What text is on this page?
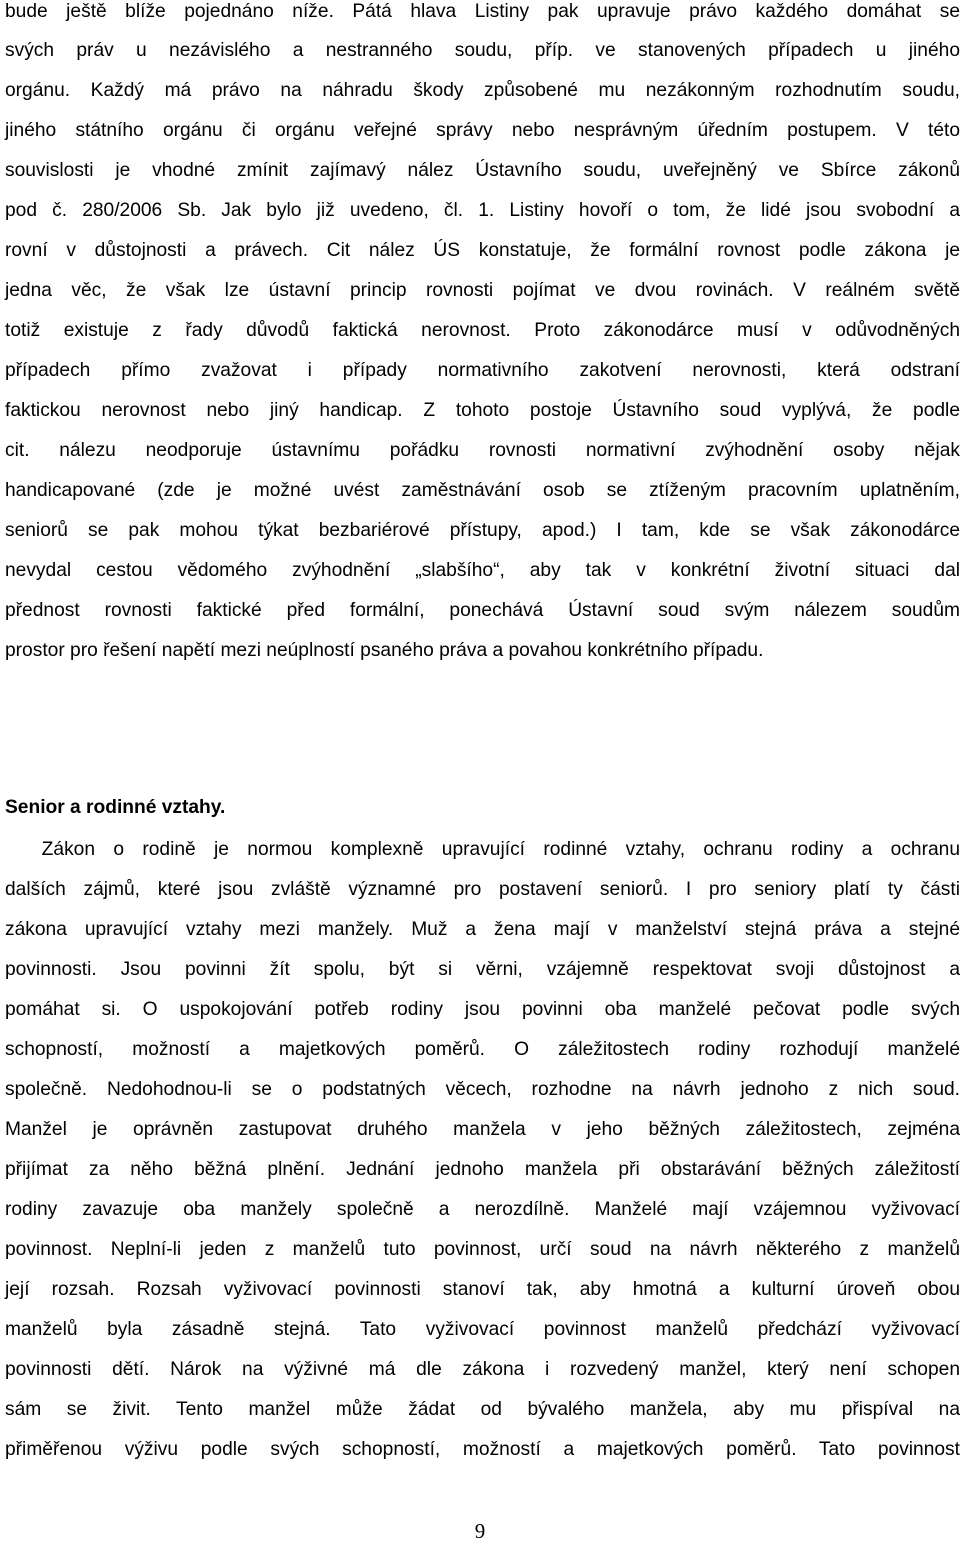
bude ještě blíže pojednáno níže. Pátá hlava Listiny pak upravuje právo každého domáhat se
svých práv u nezávislého a nestranného soudu, příp. ve stanovených případech u jiného
orgánu. Každý má právo na náhradu škody způsobené mu nezákonným rozhodnutím soudu,
jiného státního orgánu či orgánu veřejné správy nebo nesprávným úředním postupem. V této
souvislosti je vhodné zmínit zajímavý nález Ústavního soudu, uveřejněný ve Sbírce zákonů
pod č. 280/2006 Sb. Jak bylo již uvedeno, čl. 1. Listiny hovoří o tom, že lidé jsou svobodní a
rovní v důstojnosti a právech. Cit nález ÚS konstatuje, že formální rovnost podle zákona je
jedna věc, že však lze ústavní princip rovnosti pojímat ve dvou rovinách. V reálném světě
totiž existuje z řady důvodů faktická nerovnost. Proto zákonodárce musí v odůvodněných
případech přímo zvažovat i případy normativního zakotvení nerovnosti, která odstraní
faktickou nerovnost nebo jiný handicap. Z tohoto postoje Ústavního soud vyplývá, že podle
cit. nálezu neodporuje ústavnímu pořádku rovnosti normativní zvýhodnění osoby nějak
handicapované (zde je možné uvést zaměstnávání osob se ztíženým pracovním uplatněním,
seniorů se pak mohou týkat bezbariérové přístupy, apod.) I tam, kde se však zákonodárce
nevydal cestou vědomého zvýhodnění „slabšího“, aby tak v konkrétní životní situaci dal
přednost rovnosti faktické před formální, ponechává Ústavní soud svým nálezem soudům
prostor pro řešení napětí mezi neúplností psaného práva a povahou konkrétního případu.
Senior a rodinné vztahy.
Zákon o rodině je normou komplexně upravující rodinné vztahy, ochranu rodiny a ochranu
dalších zájmů, které jsou zvláště významné pro postavení seniorů. I pro seniory platí ty části
zákona upravující vztahy mezi manžely. Muž a žena mají v manželství stejná práva a stejné
povinnosti. Jsou povinni žít spolu, být si věrni, vzájemně respektovat svoji důstojnost a
pomáhat si. O uspokojování potřeb rodiny jsou povinni oba manželé pečovat podle svých
schopností, možností a majetkových poměrů. O záležitostech rodiny rozhodují manželé
společně. Nedohodnou-li se o podstatných věcech, rozhodne na návrh jednoho z nich soud.
Manžel je oprávněn zastupovat druhého manžela v jeho běžných záležitostech, zejména
přijímat za něho běžná plnění. Jednání jednoho manžela při obstarávání běžných záležitostí
rodiny zavazuje oba manžely společně a nerozdílně. Manželé mají vzájemnou vyživovací
povinnost. Neplní-li jeden z manželů tuto povinnost, určí soud na návrh některého z manželů
její rozsah. Rozsah vyživovací povinnosti stanoví tak, aby hmotná a kulturní úroveň obou
manželů byla zásadně stejná. Tato vyživovací povinnost manželů předchází vyživovací
povinnosti dětí. Nárok na výživné má dle zákona i rozvedený manžel, který není schopen
sám se živit. Tento manžel může žádat od bývalého manžela, aby mu přispíval na
přiměřenou výživu podle svých schopností, možností a majetkových poměrů. Tato povinnost
9
